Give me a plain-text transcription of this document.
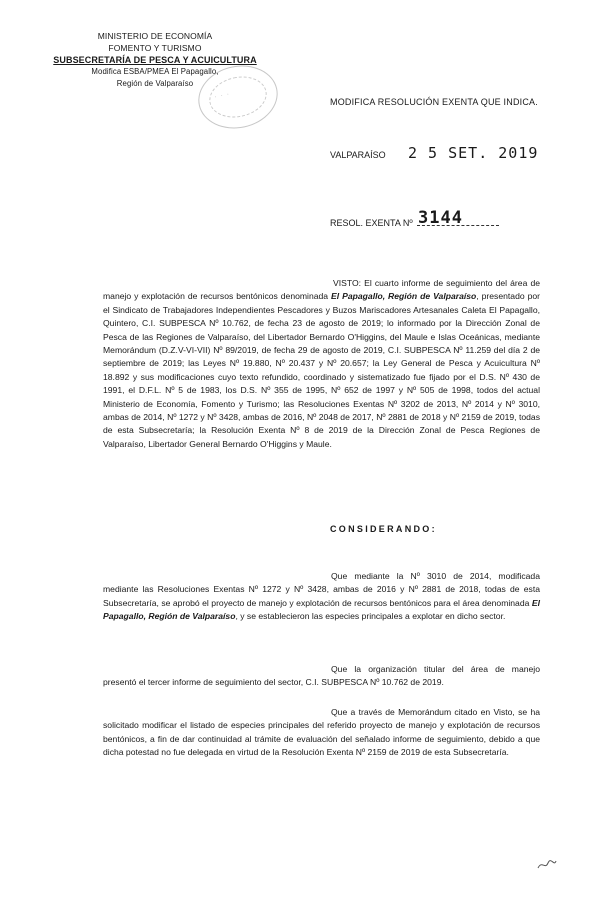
MINISTERIO DE ECONOMÍA
FOMENTO Y TURISMO
SUBSECRETARÍA DE PESCA Y ACUICULTURA
Modifica ESBA/PMEA El Papagallo,
Región de Valparaíso
· · ·
MODIFICA RESOLUCIÓN EXENTA QUE INDICA.
VALPARAÍSO 2 5 SET. 2019
RESOL. EXENTA Nº 3144
VISTO: El cuarto informe de seguimiento del área de manejo y explotación de recursos bentónicos denominada El Papagallo, Región de Valparaíso, presentado por el Sindicato de Trabajadores Independientes Pescadores y Buzos Mariscadores Artesanales Caleta El Papagallo, Quintero, C.I. SUBPESCA Nº 10.762, de fecha 23 de agosto de 2019; lo informado por la Dirección Zonal de Pesca de las Regiones de Valparaíso, del Libertador Bernardo O'Higgins, del Maule e Islas Oceánicas, mediante Memorándum (D.Z.V-VI-VII) Nº 89/2019, de fecha 29 de agosto de 2019, C.I. SUBPESCA Nº 11.259 del día 2 de septiembre de 2019; las Leyes Nº 19.880, Nº 20.437 y Nº 20.657; la Ley General de Pesca y Acuicultura Nº 18.892 y sus modificaciones cuyo texto refundido, coordinado y sistematizado fue fijado por el D.S. Nº 430 de 1991, el D.F.L. Nº 5 de 1983, los D.S. Nº 355 de 1995, Nº 652 de 1997 y Nº 505 de 1998, todos del actual Ministerio de Economía, Fomento y Turismo; las Resoluciones Exentas Nº 3202 de 2013, Nº 2014 y Nº 3010, ambas de 2014, Nº 1272 y Nº 3428, ambas de 2016, Nº 2048 de 2017, Nº 2881 de 2018 y Nº 2159 de 2019, todas de esta Subsecretaría; la Resolución Exenta Nº 8 de 2019 de la Dirección Zonal de Pesca Regiones de Valparaíso, Libertador General Bernardo O'Higgins y Maule.
CONSIDERANDO:
Que mediante la Nº 3010 de 2014, modificada mediante las Resoluciones Exentas Nº 1272 y Nº 3428, ambas de 2016 y Nº 2881 de 2018, todas de esta Subsecretaría, se aprobó el proyecto de manejo y explotación de recursos bentónicos para el área denominada El Papagallo, Región de Valparaíso, y se establecieron las especies principales a explotar en dicho sector.
Que la organización titular del área de manejo presentó el tercer informe de seguimiento del sector, C.I. SUBPESCA Nº 10.762 de 2019.
Que a través de Memorándum citado en Visto, se ha solicitado modificar el listado de especies principales del referido proyecto de manejo y explotación de recursos bentónicos, a fin de dar continuidad al trámite de evaluación del señalado informe de seguimiento, debido a que dicha potestad no fue delegada en virtud de la Resolución Exenta Nº 2159 de 2019 de esta Subsecretaría.
